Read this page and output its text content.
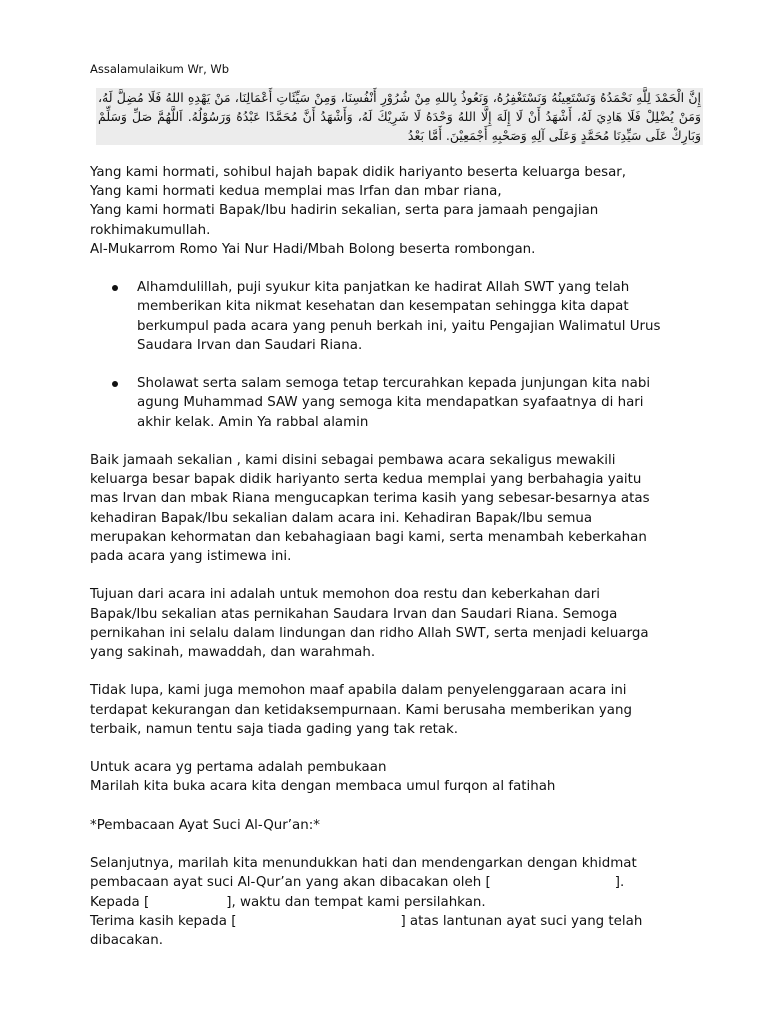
Assalamulaikum Wr, Wb

إِنَّ الْحَمْدَ لِلَّهِ نَحْمَدُهُ وَنَسْتَعِينُهُ وَنَسْتَغْفِرُهُ، وَنَعُوذُ بِاللهِ مِنْ شُرُوْرِ أَنْفُسِنَا، وَمِنْ سَيِّئَاتِ أَعْمَالِنَا، مَنْ يَهْدِهِ اللهُ فَلَا مُضِلَّ لَهُ، وَمَنْ يُضْلِلْ فَلَا هَادِيَ لَهُ، أَشْهَدُ أَنْ لَا إِلَهَ إِلَّا اللهُ وَحْدَهُ لَا شَرِيْكَ لَهُ، وَأَشْهَدُ أَنَّ مُحَمَّدًا عَبْدُهُ وَرَسُوْلُهُ. اَللَّهُمَّ صَلِّ وَسَلِّمْ وَبَارِكْ عَلَى سَيِّدِنَا مُحَمَّدٍ وَعَلَى آلِهِ وَصَحْبِهِ أَجْمَعِيْنَ. أَمَّا بَعْدُ

Yang kami hormati, sohibul hajah bapak didik hariyanto beserta keluarga besar,
Yang kami hormati kedua memplai mas Irfan dan mbar riana,
Yang kami hormati Bapak/Ibu hadirin sekalian, serta para jamaah pengajian
rokhimakumullah.
Al-Mukarrom Romo Yai Nur Hadi/Mbah Bolong beserta rombongan.

Alhamdulillah, puji syukur kita panjatkan ke hadirat Allah SWT yang telah
memberikan kita nikmat kesehatan dan kesempatan sehingga kita dapat
berkumpul pada acara yang penuh berkah ini, yaitu Pengajian Walimatul Urus
Saudara Irvan dan Saudari Riana.
Sholawat serta salam semoga tetap tercurahkan kepada junjungan kita nabi
agung Muhammad SAW yang semoga kita mendapatkan syafaatnya di hari
akhir kelak. Amin Ya rabbal alamin

Baik jamaah sekalian , kami disini sebagai pembawa acara sekaligus mewakili
keluarga besar bapak didik hariyanto serta kedua memplai yang berbahagia yaitu
mas Irvan dan mbak Riana mengucapkan terima kasih yang sebesar-besarnya atas
kehadiran Bapak/Ibu sekalian dalam acara ini. Kehadiran Bapak/Ibu semua
merupakan kehormatan dan kebahagiaan bagi kami, serta menambah keberkahan
pada acara yang istimewa ini.

Tujuan dari acara ini adalah untuk memohon doa restu dan keberkahan dari
Bapak/Ibu sekalian atas pernikahan Saudara Irvan dan Saudari Riana. Semoga
pernikahan ini selalu dalam lindungan dan ridho Allah SWT, serta menjadi keluarga
yang sakinah, mawaddah, dan warahmah.

Tidak lupa, kami juga memohon maaf apabila dalam penyelenggaraan acara ini
terdapat kekurangan dan ketidaksempurnaan. Kami berusaha memberikan yang
terbaik, namun tentu saja tiada gading yang tak retak.

Untuk acara yg pertama adalah pembukaan
Marilah kita buka acara kita dengan membaca umul furqon al fatihah

*Pembacaan Ayat Suci Al-Qur’an:*

Selanjutnya, marilah kita menundukkan hati dan mendengarkan dengan khidmat
pembacaan ayat suci Al-Qur’an yang akan dibacakan oleh [	].
Kepada [	], waktu dan tempat kami persilahkan.
Terima kasih kepada [	] atas lantunan ayat suci yang telah
dibacakan.
